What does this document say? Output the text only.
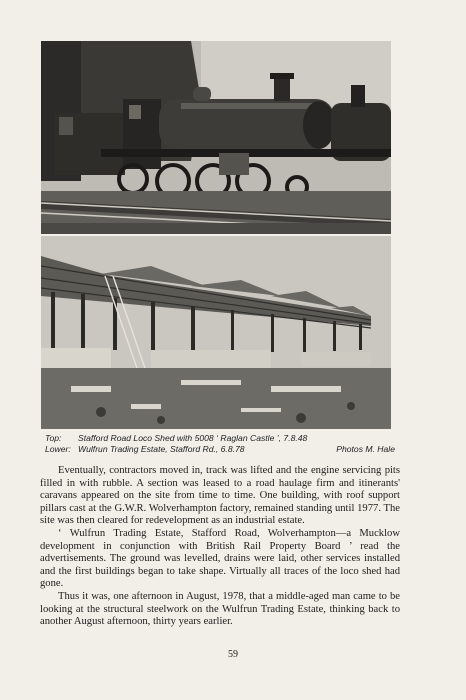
Top:	Stafford Road Loco Shed with 5008 ‘ Raglan Castle ’, 7.8.48
Lower: Wulfrun Trading Estate, Stafford Rd., 6.8.78	Photos M. Hale

Eventually, contractors moved in, track was lifted and the engine servicing pits filled in with rubble. A section was leased to a road haulage firm and itinerants' caravans appeared on the site from time to time. One building, with roof support pillars cast at the G.W.R. Wolverhampton factory, remained standing until 1977. The site was then cleared for redevelopment as an industrial estate.

‘ Wulfrun Trading Estate, Stafford Road, Wolverhampton—a Mucklow development in conjunction with British Rail Property Board ’ read the advertisements. The ground was levelled, drains were laid, other services installed and the first buildings began to take shape. Virtually all traces of the loco shed had gone.

Thus it was, one afternoon in August, 1978, that a middle-aged man came to be looking at the structural steelwork on the Wulfrun Trading Estate, thinking back to another August afternoon, thirty years earlier.

59
